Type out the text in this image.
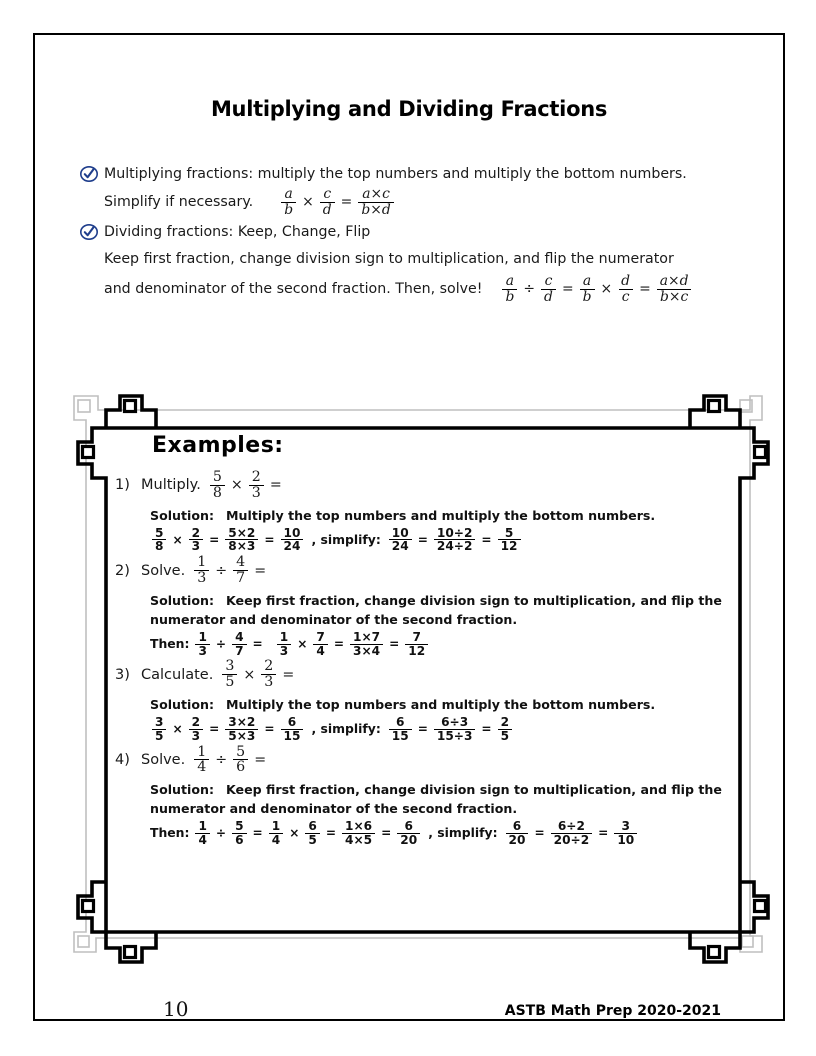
Multiplying and Dividing Fractions
Multiplying fractions: multiply the top numbers and multiply the bottom numbers.
Simplify if necessary. $\frac{a}{b} \times \frac{c}{d} = \frac{a\times c}{b\times d}$
Dividing fractions: Keep, Change, Flip
Keep first fraction, change division sign to multiplication, and flip the numerator
and denominator of the second fraction. Then, solve! $\frac{a}{b} \div \frac{c}{d} = \frac{a}{b} \times \frac{d}{c} = \frac{a\times d}{b\times c}$
Examples:
1) Multiply. $\frac{5}{8} \times \frac{2}{3}$ =
Solution: Multiply the top numbers and multiply the bottom numbers.
$\frac{5}{8} \times \frac{2}{3} = \frac{5\times 2}{8\times 3} = \frac{10}{24}$ , simplify: $\frac{10}{24} = \frac{10\div 2}{24\div 2} = \frac{5}{12}$
2) Solve. $\frac{1}{3} \div \frac{4}{7}$ =
Solution: Keep first fraction, change division sign to multiplication, and flip the numerator and denominator of the second fraction.
Then: $\frac{1}{3} \div \frac{4}{7} = \frac{1}{3} \times \frac{7}{4} = \frac{1\times 7}{3\times 4} = \frac{7}{12}$
3) Calculate. $\frac{3}{5} \times \frac{2}{3}$ =
Solution: Multiply the top numbers and multiply the bottom numbers.
$\frac{3}{5} \times \frac{2}{3} = \frac{3\times 2}{5\times 3} = \frac{6}{15}$ , simplify: $\frac{6}{15} = \frac{6\div 3}{15\div 3} = \frac{2}{5}$
4) Solve. $\frac{1}{4} \div \frac{5}{6}$ =
Solution: Keep first fraction, change division sign to multiplication, and flip the numerator and denominator of the second fraction.
Then: $\frac{1}{4} \div \frac{5}{6} = \frac{1}{4} \times \frac{6}{5} = \frac{1\times 6}{4\times 5} = \frac{6}{20}$ , simplify: $\frac{6}{20} = \frac{6\div 2}{20\div 2} = \frac{3}{10}$
10	ASTB Math Prep 2020-2021
